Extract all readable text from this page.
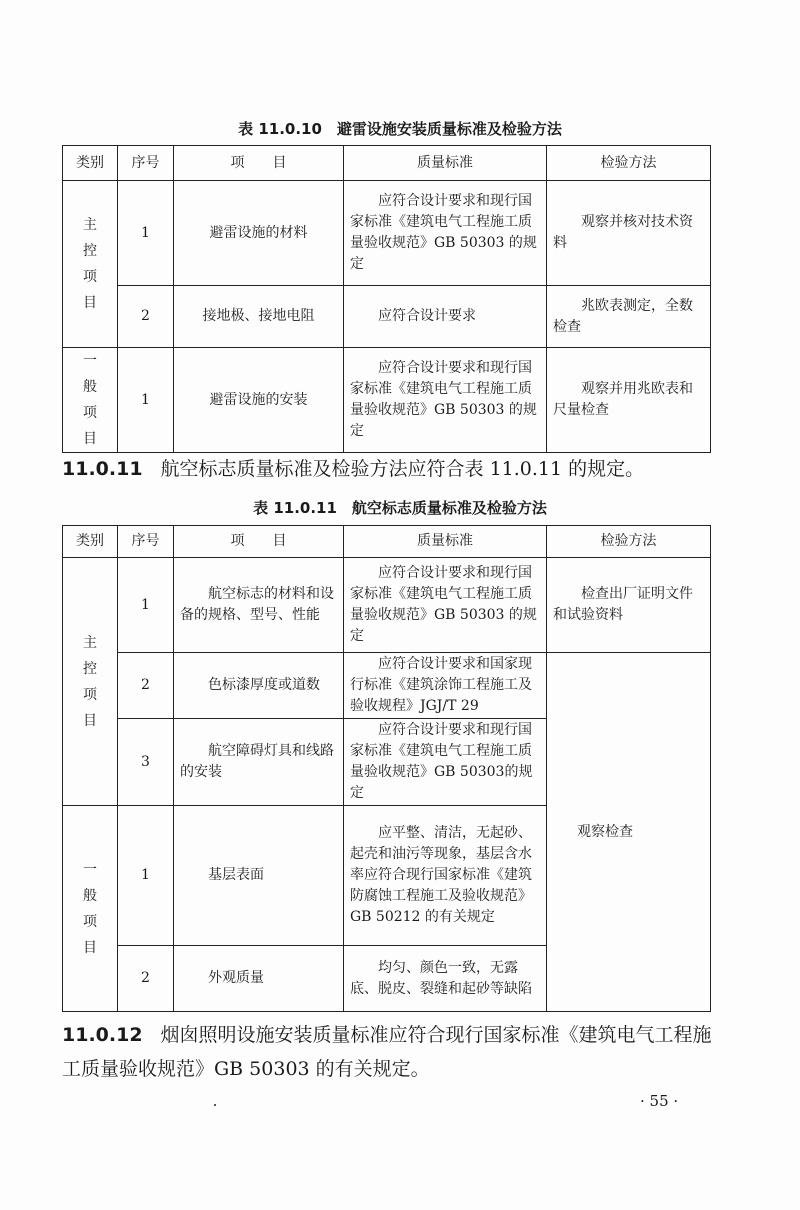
表 11.0.10　避雷设施安装质量标准及检验方法
类别	序号	项　　目	质量标准	检验方法

主控项目	1	避雷设施的材料	应符合设计要求和现行国家标准《建筑电气工程施工质量验收规范》GB 50303 的规定	观察并核对技术资料
	2	接地极、接地电阻	应符合设计要求	兆欧表测定，全数检查

一般项目	1	避雷设施的安装	应符合设计要求和现行国家标准《建筑电气工程施工质量验收规范》GB 50303 的规定	观察并用兆欧表和尺量检查
11.0.11 航空标志质量标准及检验方法应符合表 11.0.11 的规定。
表 11.0.11　航空标志质量标准及检验方法
类别	序号	项　　目	质量标准	检验方法

主控项目	1	航空标志的材料和设备的规格、型号、性能	应符合设计要求和现行国家标准《建筑电气工程施工质量验收规范》GB 50303 的规定	检查出厂证明文件和试验资料
	2	色标漆厚度或道数	应符合设计要求和国家现行标准《建筑涂饰工程施工及验收规程》JGJ/T 29	观察检查
	3	航空障碍灯具和线路的安装	应符合设计要求和现行国家标准《建筑电气工程施工质量验收规范》GB 50303的规定	

一般项目	1	基层表面	应平整、清洁，无起砂、起壳和油污等现象，基层含水率应符合现行国家标准《建筑防腐蚀工程施工及验收规范》GB 50212 的有关规定	
	2	外观质量	均匀、颜色一致，无露底、脱皮、裂缝和起砂等缺陷	
11.0.12 烟囱照明设施安装质量标准应符合现行国家标准《建筑电气工程施工质量验收规范》GB 50303 的有关规定。
· 55 ·
